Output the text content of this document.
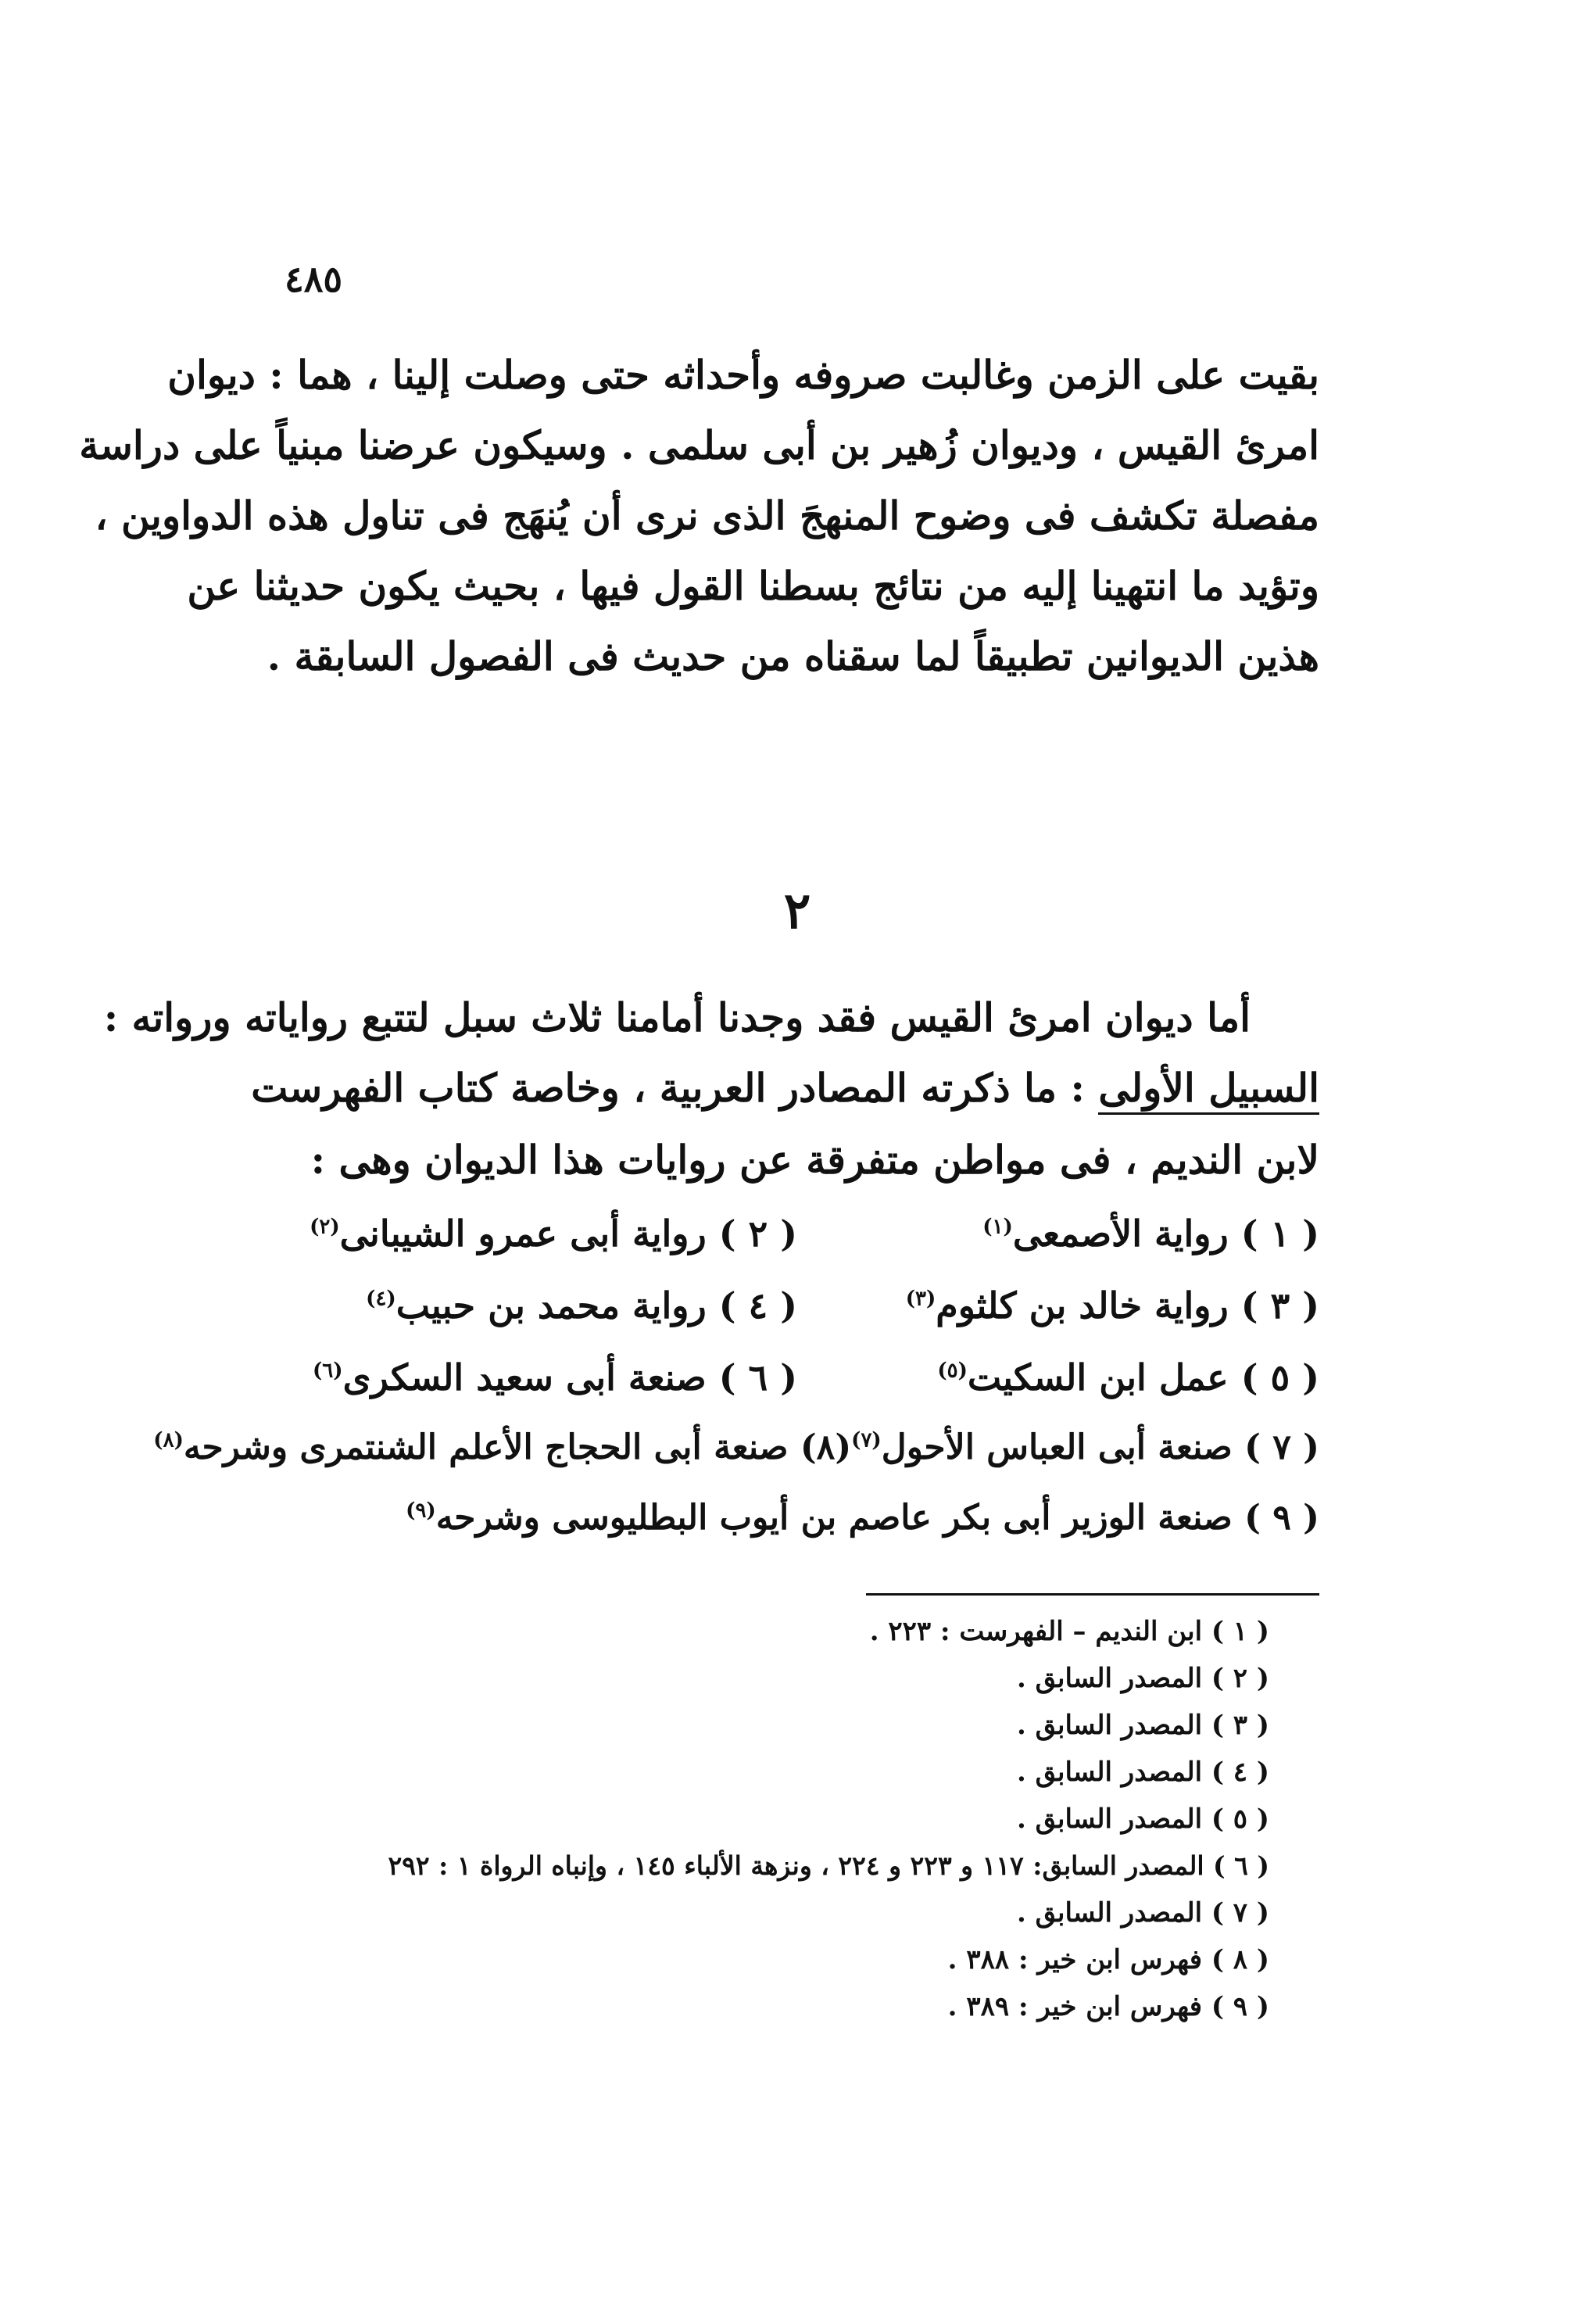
٤٨٥
بقيت على الزمن وغالبت صروفه وأحداثه حتى وصلت إلينا ، هما : ديوان
امرئ القيس ، وديوان زُهير بن أبى سلمى . وسيكون عرضنا مبنياً على دراسة
مفصلة تكشف فى وضوح المنهجَ الذى نرى أن يُنهَج فى تناول هذه الدواوين ،
وتؤيد ما انتهينا إليه من نتائج بسطنا القول فيها ، بحيث يكون حديثنا عن
هذين الديوانين تطبيقاً لما سقناه من حديث فى الفصول السابقة .
٢
أما ديوان امرئ القيس فقد وجدنا أمامنا ثلاث سبل لتتبع رواياته ورواته :
السبيل الأولى : ما ذكرته المصادر العربية ، وخاصة كتاب الفهرست
لابن النديم ، فى مواطن متفرقة عن روايات هذا الديوان وهى :
( ١ ) رواية الأصمعى$^{(١)}$
( ٢ ) رواية أبى عمرو الشيبانى$^{(٢)}$
( ٣ ) رواية خالد بن كلثوم$^{(٣)}$
( ٤ ) رواية محمد بن حبيب$^{(٤)}$
( ٥ ) عمل ابن السكيت$^{(٥)}$
( ٦ ) صنعة أبى سعيد السكرى$^{(٦)}$
( ٧ ) صنعة أبى العباس الأحول$^{(٧)}$(٨) صنعة أبى الحجاج الأعلم الشنتمرى وشرحه$^{(٨)}$
( ٩ ) صنعة الوزير أبى بكر عاصم بن أيوب البطليوسى وشرحه$^{(٩)}$
( ١ ) ابن النديم – الفهرست : ٢٢٣ .
( ٢ ) المصدر السابق .
( ٣ ) المصدر السابق .
( ٤ ) المصدر السابق .
( ٥ ) المصدر السابق .
( ٦ ) المصدر السابق: ١١٧ و ٢٢٣ و ٢٢٤ ، ونزهة الألباء ١٤٥ ، وإنباه الرواة ١ : ٢٩٢
( ٧ ) المصدر السابق .
( ٨ ) فهرس ابن خير : ٣٨٨ .
( ٩ ) فهرس ابن خير : ٣٨٩ .
